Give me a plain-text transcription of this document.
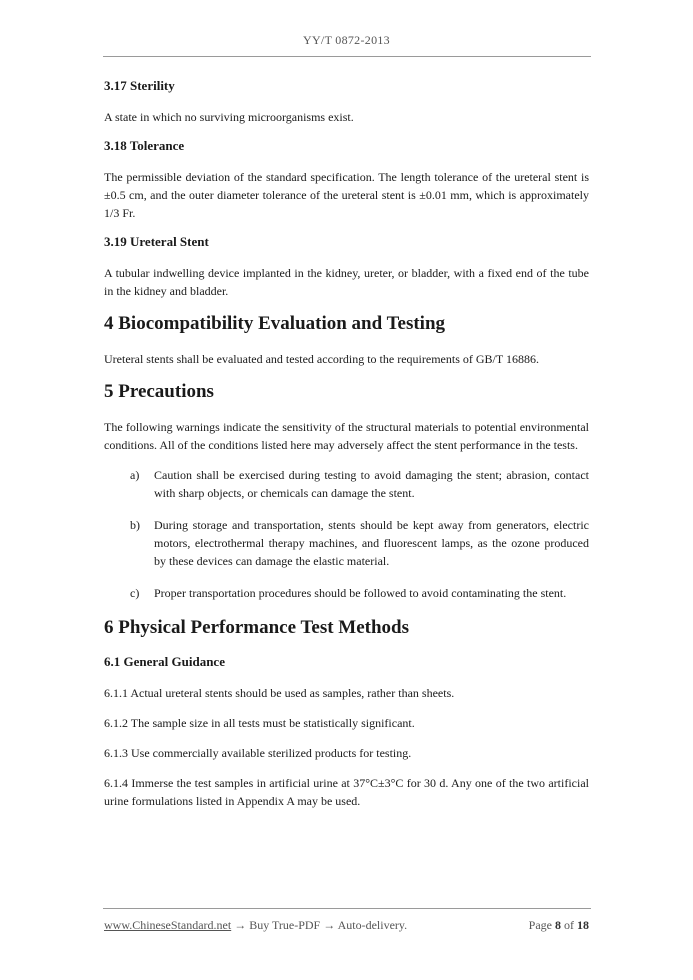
YY/T 0872-2013
3.17 Sterility
A state in which no surviving microorganisms exist.
3.18 Tolerance
The permissible deviation of the standard specification. The length tolerance of the ureteral stent is ±0.5 cm, and the outer diameter tolerance of the ureteral stent is ±0.01 mm, which is approximately 1/3 Fr.
3.19 Ureteral Stent
A tubular indwelling device implanted in the kidney, ureter, or bladder, with a fixed end of the tube in the kidney and bladder.
4 Biocompatibility Evaluation and Testing
Ureteral stents shall be evaluated and tested according to the requirements of GB/T 16886.
5 Precautions
The following warnings indicate the sensitivity of the structural materials to potential environmental conditions. All of the conditions listed here may adversely affect the stent performance in the tests.
a)	Caution shall be exercised during testing to avoid damaging the stent; abrasion, contact with sharp objects, or chemicals can damage the stent.
b)	During storage and transportation, stents should be kept away from generators, electric motors, electrothermal therapy machines, and fluorescent lamps, as the ozone produced by these devices can damage the elastic material.
c)	Proper transportation procedures should be followed to avoid contaminating the stent.
6 Physical Performance Test Methods
6.1 General Guidance
6.1.1 Actual ureteral stents should be used as samples, rather than sheets.
6.1.2 The sample size in all tests must be statistically significant.
6.1.3 Use commercially available sterilized products for testing.
6.1.4 Immerse the test samples in artificial urine at 37°C±3°C for 30 d. Any one of the two artificial urine formulations listed in Appendix A may be used.
www.ChineseStandard.net → Buy True-PDF → Auto-delivery.	Page 8 of 18
